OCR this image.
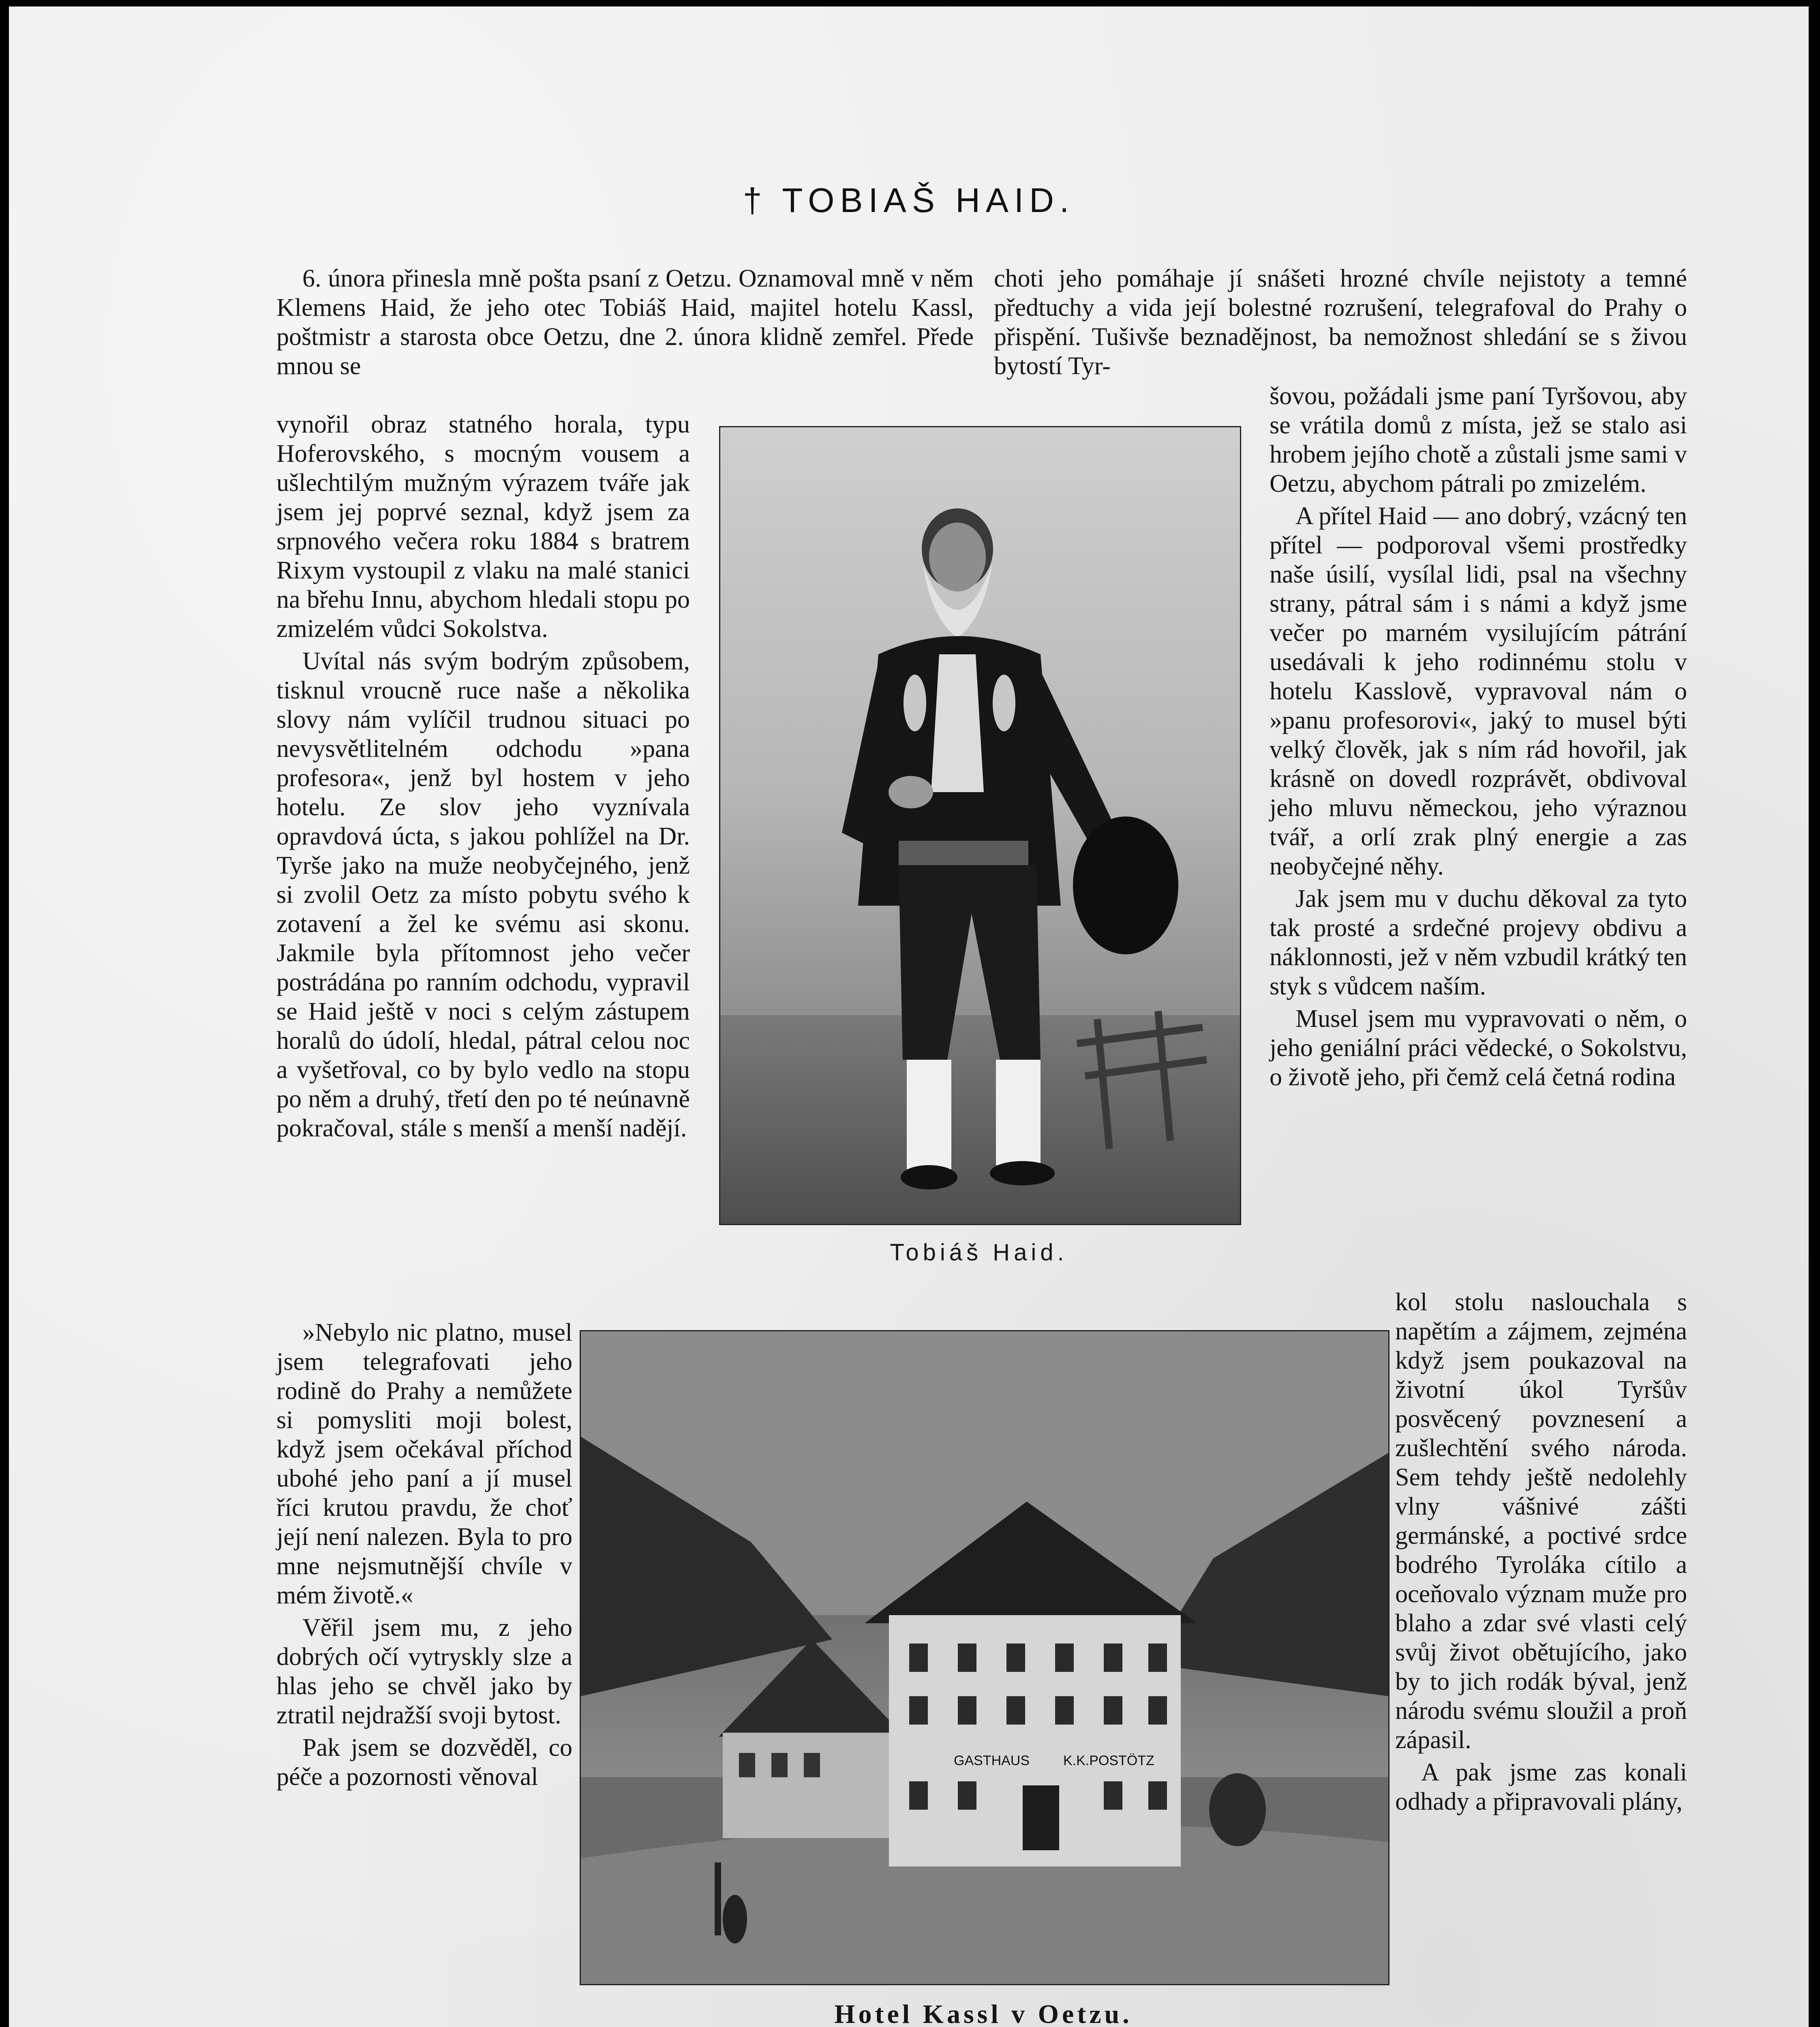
† TOBIAŠ HAID.

6. února přinesla mně pošta psaní z Oetzu. Oznamoval mně v něm Klemens Haid, že jeho otec Tobiáš Haid, majitel hotelu Kassl, poštmistr a starosta obce Oetzu, dne 2. února klidně zemřel. Přede mnou se

vynořil obraz statného horala, typu Hoferovského, s mocným vousem a ušlechtilým mužným výrazem tváře jak jsem jej poprvé seznal, když jsem za srpnového večera roku 1884 s bratrem Rixym vystoupil z vlaku na malé stanici na břehu Innu, abychom hledali stopu po zmizelém vůdci Sokolstva.

Uvítal nás svým bodrým způsobem, tisknul vroucně ruce naše a několika slovy nám vylíčil trudnou situaci po nevysvětlitelném odchodu »pana profesora«, jenž byl hostem v jeho hotelu. Ze slov jeho vyznívala opravdová úcta, s jakou pohlížel na Dr. Tyrše jako na muže neobyčejného, jenž si zvolil Oetz za místo pobytu svého k zotavení a žel ke svému asi skonu. Jakmile byla přítomnost jeho večer postrádána po ranním odchodu, vypravil se Haid ještě v noci s celým zástupem horalů do údolí, hledal, pátral celou noc a vyšetřoval, co by bylo vedlo na stopu po něm a druhý, třetí den po té neúnavně pokračoval, stále s menší a menší nadějí.

»Nebylo nic platno, musel jsem telegrafovati jeho rodině do Prahy a nemůžete si pomysliti moji bolest, když jsem očekával příchod ubohé jeho paní a jí musel říci krutou pravdu, že choť její není nalezen. Byla to pro mne nejsmutnější chvíle v mém životě.«

Věřil jsem mu, z jeho dobrých očí vytryskly slze a hlas jeho se chvěl jako by ztratil nejdražší svoji bytost.

Pak jsem se dozvěděl, co péče a pozornosti věnoval

choti jeho pomáhaje jí snášeti hrozné chvíle nejistoty a temné předtuchy a vida její bolestné rozrušení, telegrafoval do Prahy o přispění. Tušivše beznadějnost, ba nemožnost shledání se s živou bytostí Tyr-

šovou, požádali jsme paní Tyršovou, aby se vrátila domů z místa, jež se stalo asi hrobem jejího chotě a zůstali jsme sami v Oetzu, abychom pátrali po zmizelém.

A přítel Haid — ano dobrý, vzácný ten přítel — podporoval všemi prostředky naše úsilí, vysílal lidi, psal na všechny strany, pátral sám i s námi a když jsme večer po marném vysilujícím pátrání usedávali k jeho rodinnému stolu v hotelu Kasslově, vypravoval nám o »panu profesorovi«, jaký to musel býti velký člověk, jak s ním rád hovořil, jak krásně on dovedl rozprávět, obdivoval jeho mluvu německou, jeho výraznou tvář, a orlí zrak plný energie a zas neobyčejné něhy.

Jak jsem mu v duchu děkoval za tyto tak prosté a srdečné projevy obdivu a náklonnosti, jež v něm vzbudil krátký ten styk s vůdcem naším.

Musel jsem mu vypravovati o něm, o jeho geniální práci vědecké, o Sokolstvu, o životě jeho, při čemž celá četná rodina

kol stolu naslouchala s napětím a zájmem, zejména když jsem poukazoval na životní úkol Tyršův posvěcený povznesení a zušlechtění svého národa. Sem tehdy ještě nedolehly vlny vášnivé zášti germánské, a poctivé srdce bodrého Tyroláka cítilo a oceňovalo význam muže pro blaho a zdar své vlasti celý svůj život obětujícího, jako by to jich rodák býval, jenž národu svému sloužil a proň zápasil.

A pak jsme zas konali odhady a připravovali plány,

Tobiáš Haid.
GASTHAUS K.K.POSTÖTZ
Hotel Kassl v Oetzu.
